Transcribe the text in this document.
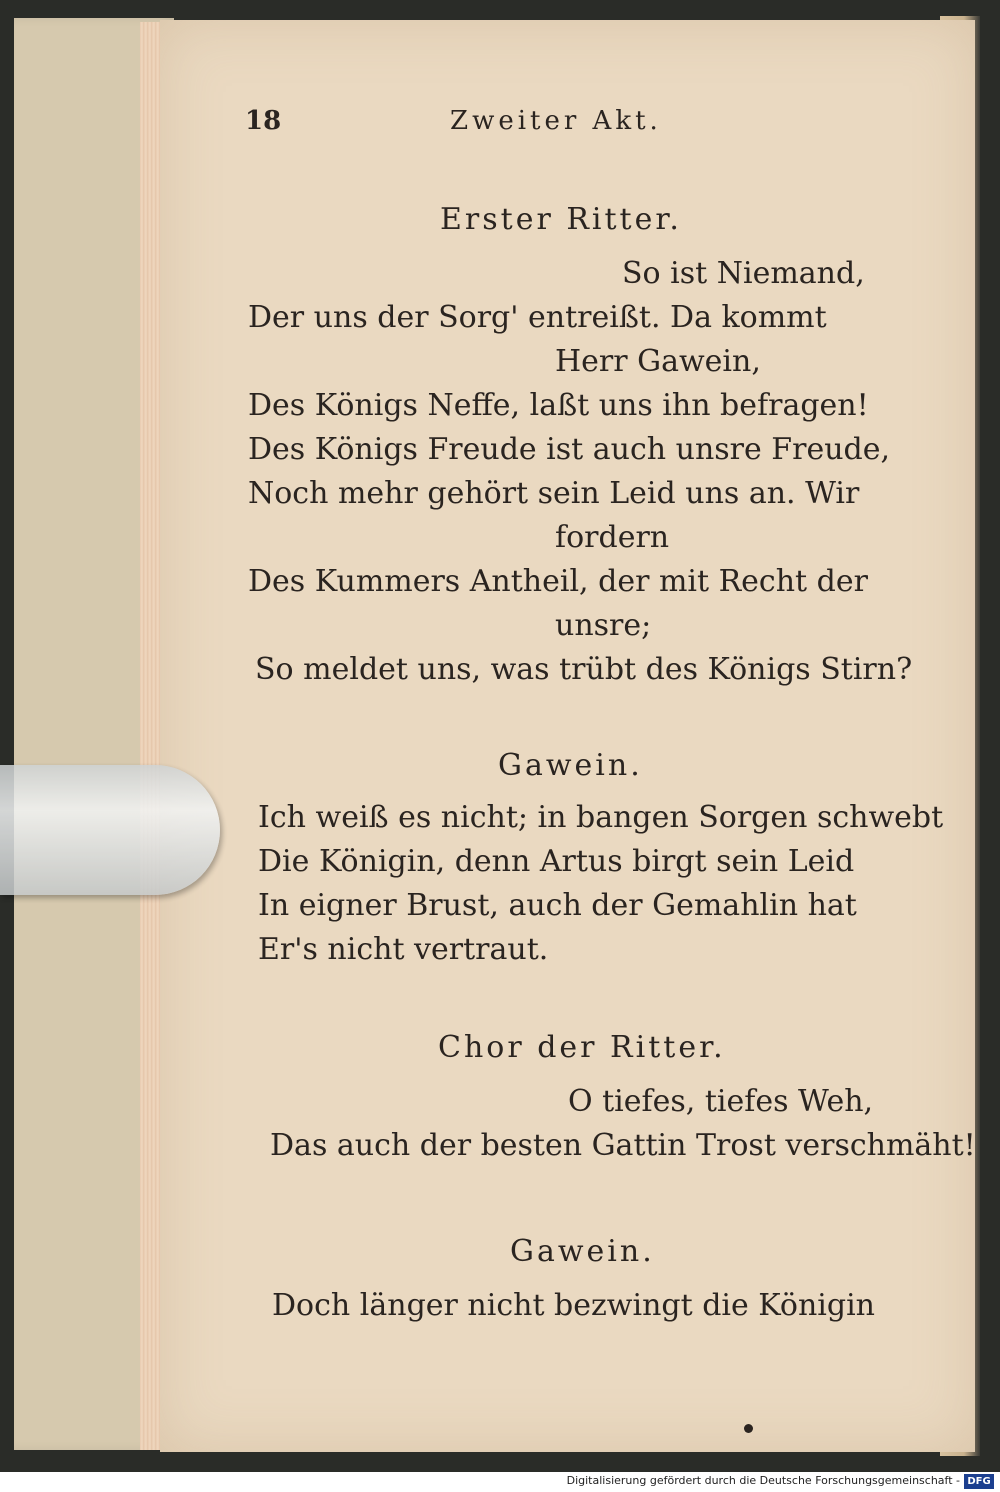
18	Zweiter Akt.
Erster Ritter.
So ist Niemand,
Der uns der Sorg' entreißt. Da kommt
Herr Gawein,
Des Königs Neffe, laßt uns ihn befragen!
Des Königs Freude ist auch unsre Freude,
Noch mehr gehört sein Leid uns an. Wir
fordern
Des Kummers Antheil, der mit Recht der
unsre;
So meldet uns, was trübt des Königs Stirn?
Gawein.
Ich weiß es nicht; in bangen Sorgen schwebt
Die Königin, denn Artus birgt sein Leid
In eigner Brust, auch der Gemahlin hat
Er's nicht vertraut.
Chor der Ritter.
O tiefes, tiefes Weh,
Das auch der besten Gattin Trost verschmäht!
Gawein.
Doch länger nicht bezwingt die Königin
Digitalisierung gefördert durch die Deutsche Forschungsgemeinschaft - DFG
